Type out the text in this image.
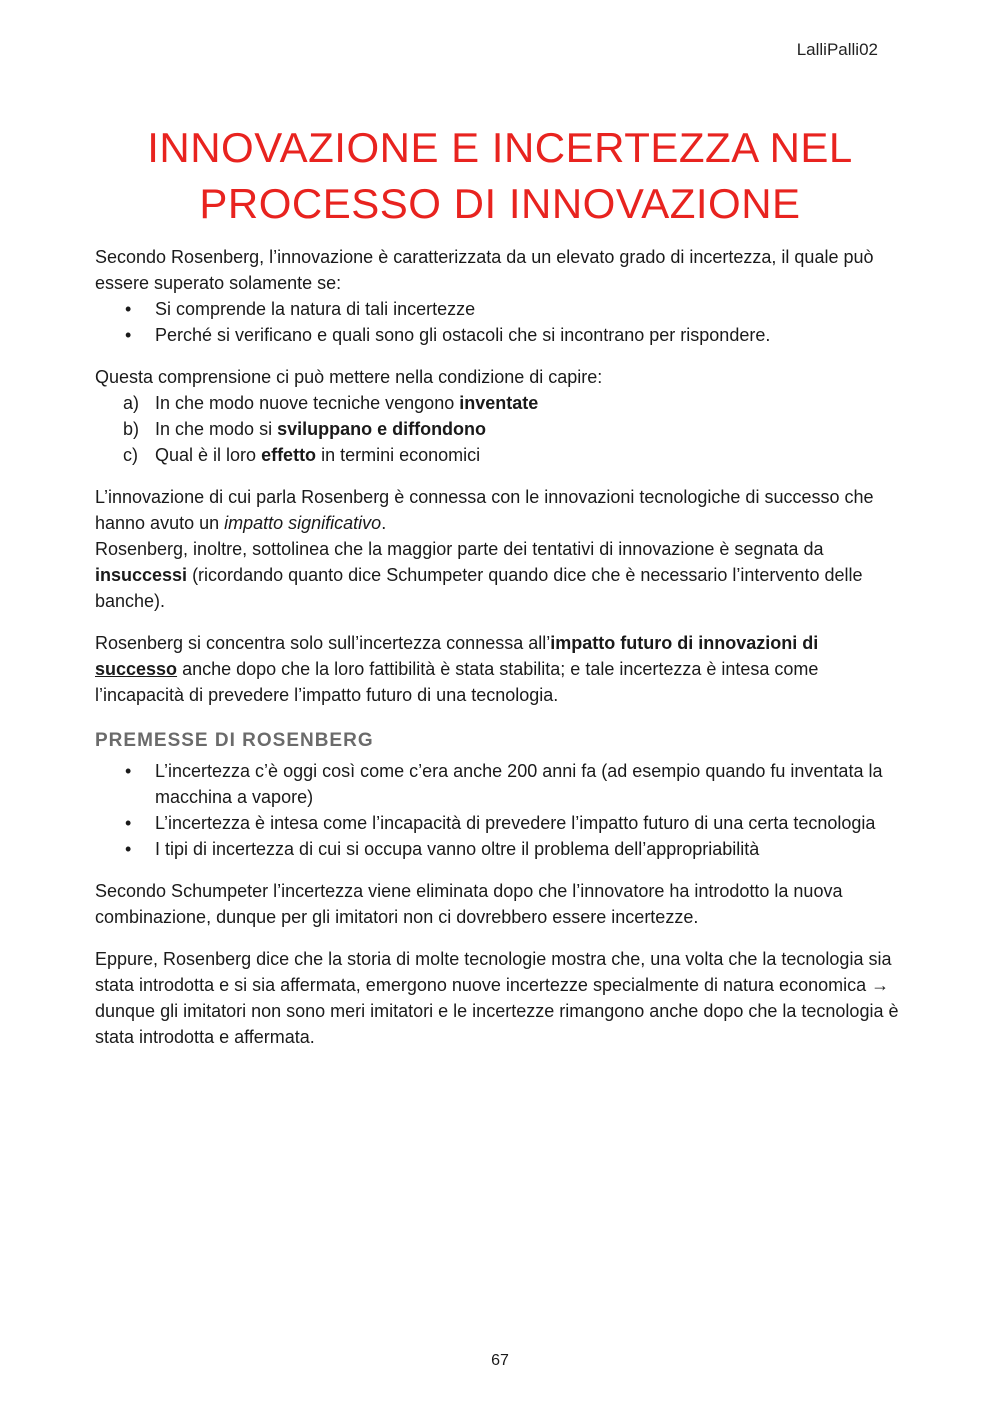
LalliPalli02
INNOVAZIONE E INCERTEZZA NEL
PROCESSO DI INNOVAZIONE

Secondo Rosenberg, l’innovazione è caratterizzata da un elevato grado di incertezza, il quale può essere superato solamente se:

• Si comprende la natura di tali incertezze
• Perché si verificano e quali sono gli ostacoli che si incontrano per rispondere.

Questa comprensione ci può mettere nella condizione di capire:

a) In che modo nuove tecniche vengono inventate
b) In che modo si sviluppano e diffondono
c) Qual è il loro effetto in termini economici

L’innovazione di cui parla Rosenberg è connessa con le innovazioni tecnologiche di successo che hanno avuto un impatto significativo.

Rosenberg, inoltre, sottolinea che la maggior parte dei tentativi di innovazione è segnata da insuccessi (ricordando quanto dice Schumpeter quando dice che è necessario l’intervento delle banche).

Rosenberg si concentra solo sull’incertezza connessa all’impatto futuro di innovazioni di successo anche dopo che la loro fattibilità è stata stabilita; e tale incertezza è intesa come l’incapacità di prevedere l’impatto futuro di una tecnologia.

PREMESSE DI ROSENBERG
• L’incertezza c’è oggi così come c’era anche 200 anni fa (ad esempio quando fu inventata la macchina a vapore)
• L’incertezza è intesa come l’incapacità di prevedere l’impatto futuro di una certa tecnologia
• I tipi di incertezza di cui si occupa vanno oltre il problema dell’appropriabilità

Secondo Schumpeter l’incertezza viene eliminata dopo che l’innovatore ha introdotto la nuova combinazione, dunque per gli imitatori non ci dovrebbero essere incertezze.

Eppure, Rosenberg dice che la storia di molte tecnologie mostra che, una volta che la tecnologia sia stata introdotta e si sia affermata, emergono nuove incertezze specialmente di natura economica → dunque gli imitatori non sono meri imitatori e le incertezze rimangono anche dopo che la tecnologia è stata introdotta e affermata.

67
